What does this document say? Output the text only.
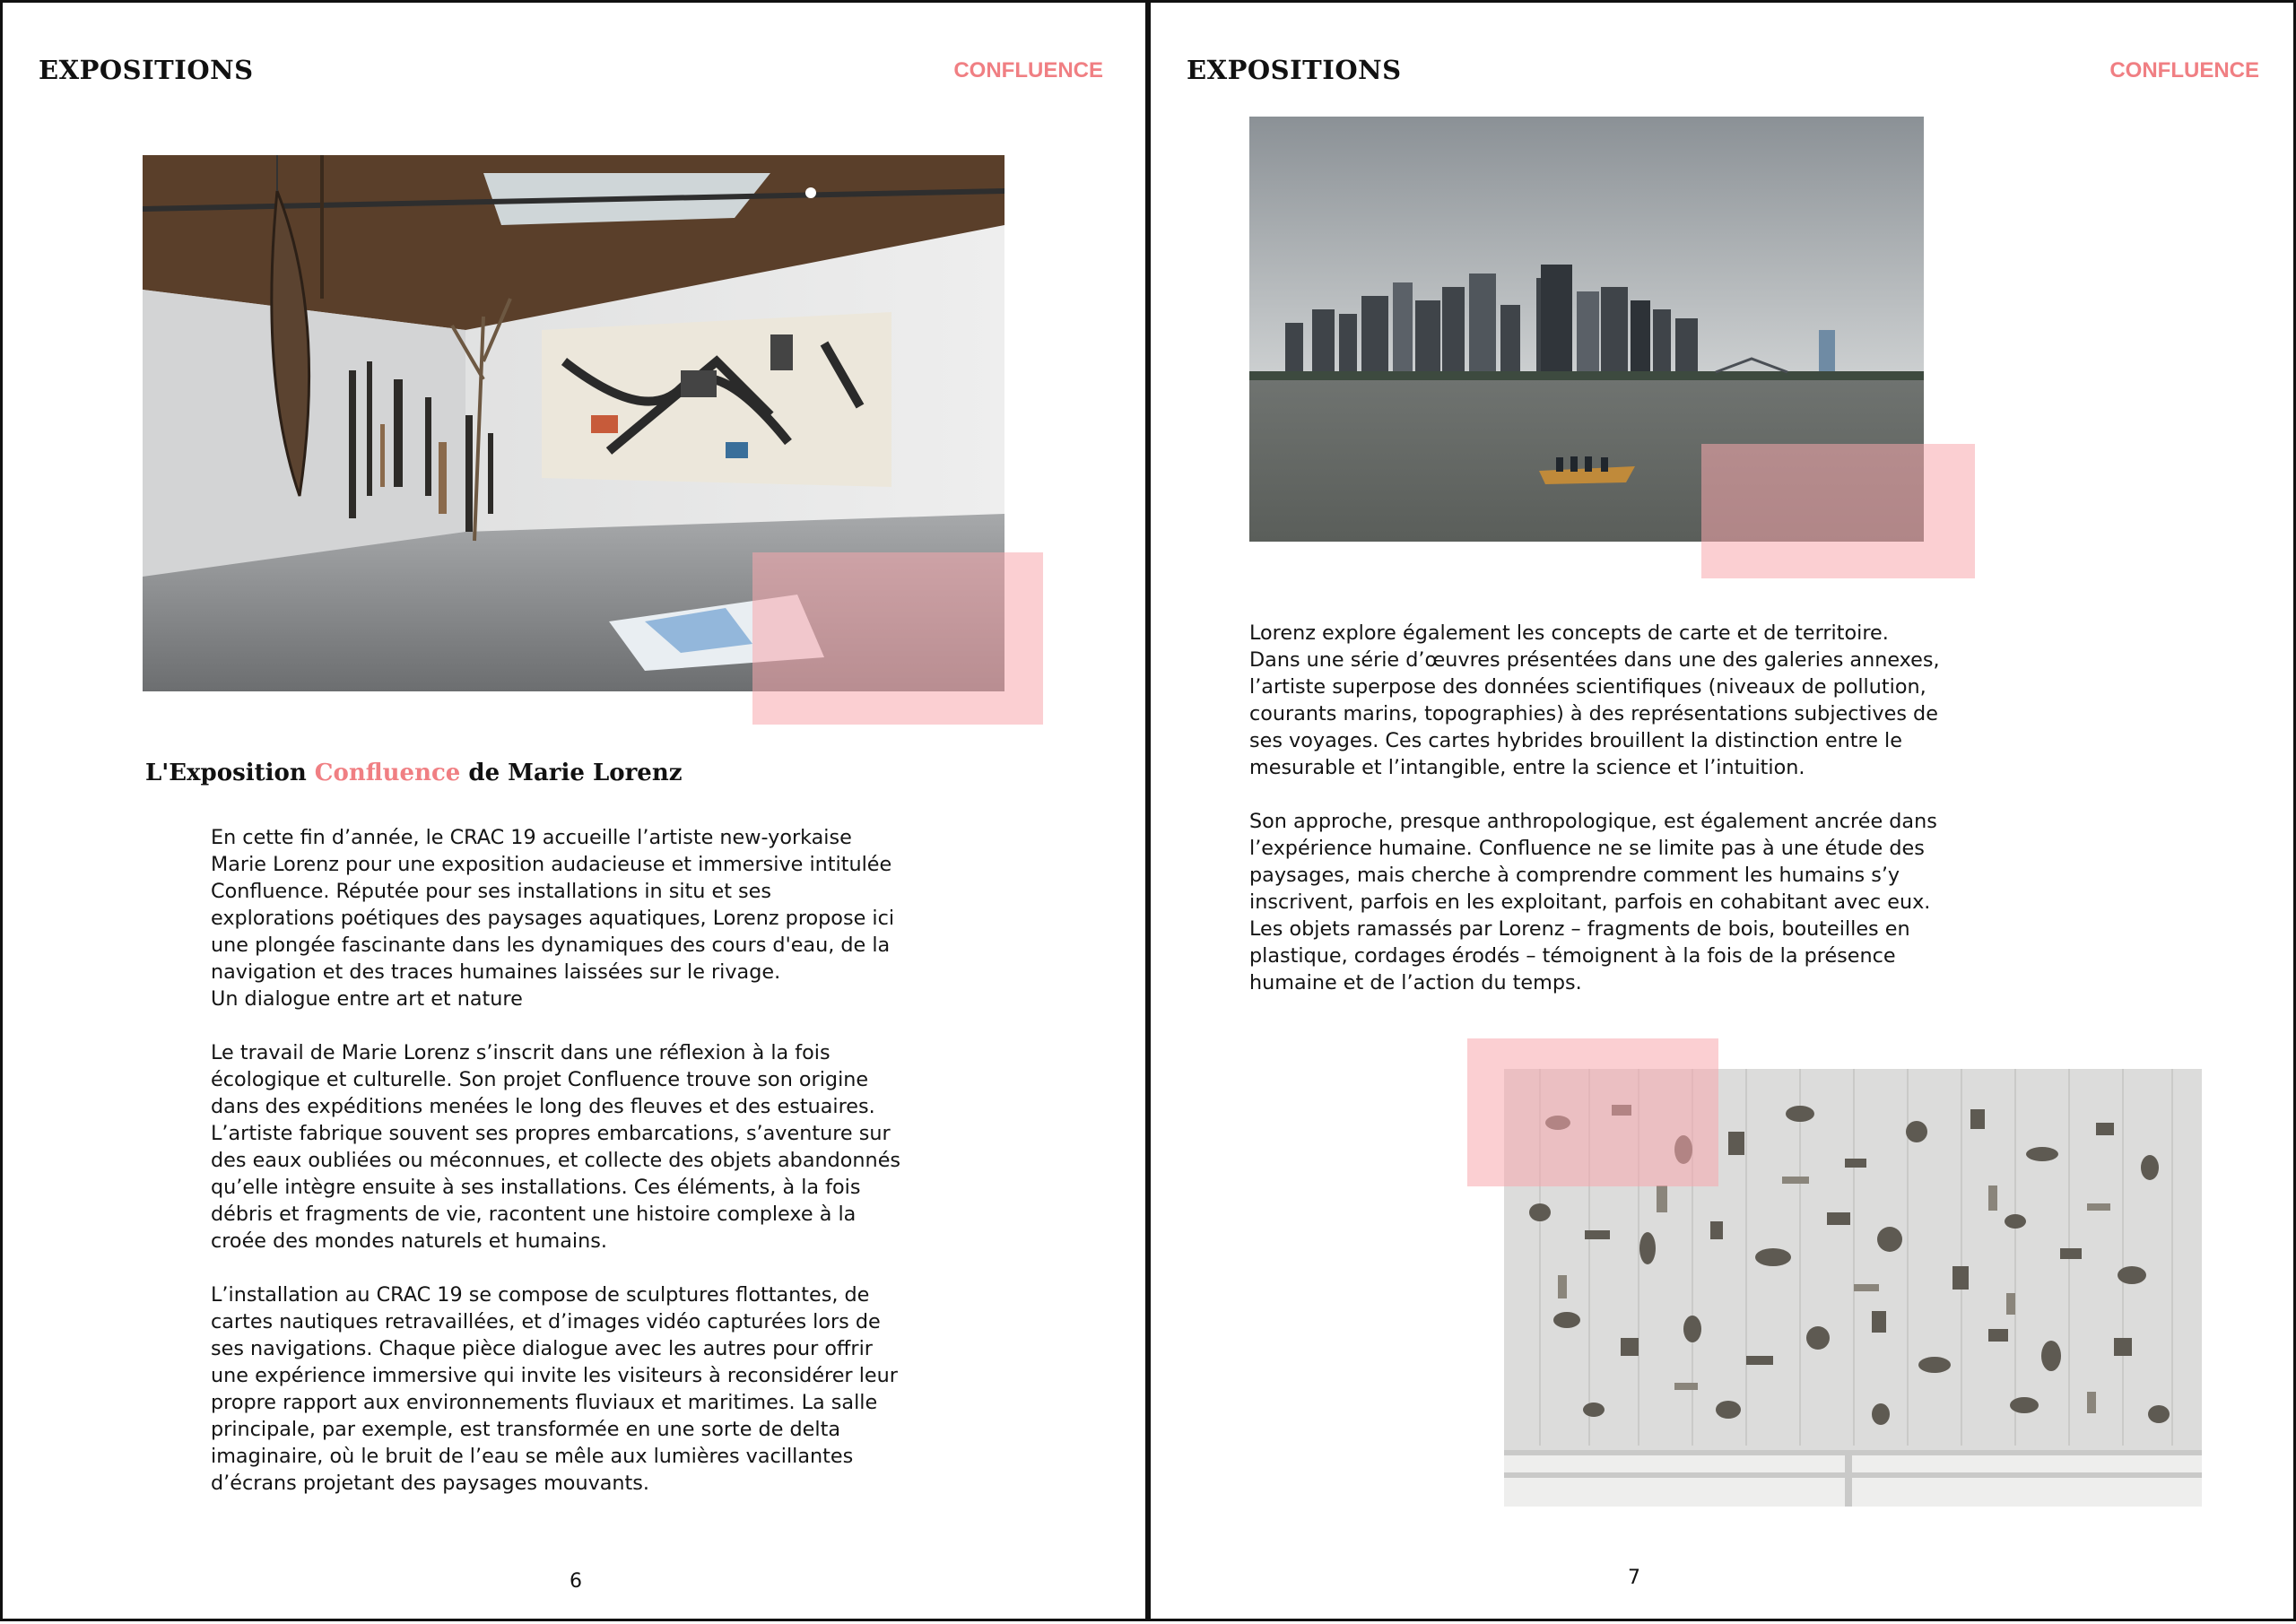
EXPOSITIONS	CONFLUENCE
L'Exposition Confluence de Marie Lorenz

En cette fin d’année, le CRAC 19 accueille l’artiste new-yorkaise
Marie Lorenz pour une exposition audacieuse et immersive intitulée
Confluence. Réputée pour ses installations in situ et ses
explorations poétiques des paysages aquatiques, Lorenz propose ici
une plongée fascinante dans les dynamiques des cours d'eau, de la
navigation et des traces humaines laissées sur le rivage.
Un dialogue entre art et nature

Le travail de Marie Lorenz s’inscrit dans une réflexion à la fois
écologique et culturelle. Son projet Confluence trouve son origine
dans des expéditions menées le long des fleuves et des estuaires.
L’artiste fabrique souvent ses propres embarcations, s’aventure sur
des eaux oubliées ou méconnues, et collecte des objets abandonnés
qu’elle intègre ensuite à ses installations. Ces éléments, à la fois
débris et fragments de vie, racontent une histoire complexe à la
croée des mondes naturels et humains.

L’installation au CRAC 19 se compose de sculptures flottantes, de
cartes nautiques retravaillées, et d’images vidéo capturées lors de
ses navigations. Chaque pièce dialogue avec les autres pour offrir
une expérience immersive qui invite les visiteurs à reconsidérer leur
propre rapport aux environnements fluviaux et maritimes. La salle
principale, par exemple, est transformée en une sorte de delta
imaginaire, où le bruit de l’eau se mêle aux lumières vacillantes
d’écrans projetant des paysages mouvants.

6
EXPOSITIONS	CONFLUENCE

Lorenz explore également les concepts de carte et de territoire.
Dans une série d’œuvres présentées dans une des galeries annexes,
l’artiste superpose des données scientifiques (niveaux de pollution,
courants marins, topographies) à des représentations subjectives de
ses voyages. Ces cartes hybrides brouillent la distinction entre le
mesurable et l’intangible, entre la science et l’intuition.

Son approche, presque anthropologique, est également ancrée dans
l’expérience humaine. Confluence ne se limite pas à une étude des
paysages, mais cherche à comprendre comment les humains s’y
inscrivent, parfois en les exploitant, parfois en cohabitant avec eux.
Les objets ramassés par Lorenz – fragments de bois, bouteilles en
plastique, cordages érodés – témoignent à la fois de la présence
humaine et de l’action du temps.

7
